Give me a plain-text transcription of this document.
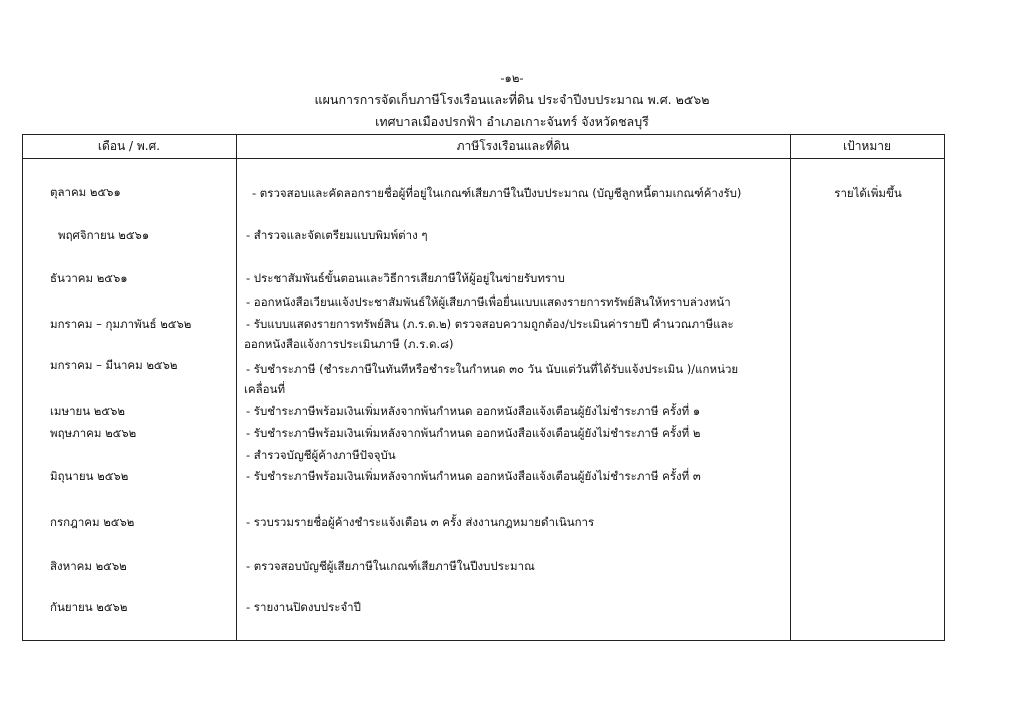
-๑๒-
แผนการการจัดเก็บภาษีโรงเรือนและที่ดิน ประจำปีงบประมาณ พ.ศ. ๒๕๖๒
เทศบาลเมืองปรกฟ้า อำเภอเกาะจันทร์ จังหวัดชลบุรี
เดือน / พ.ศ.	ภาษีโรงเรือนและที่ดิน	เป้าหมาย
ตุลาคม ๒๕๖๑
พฤศจิกายน ๒๕๖๑
ธันวาคม ๒๕๖๑
มกราคม – กุมภาพันธ์ ๒๕๖๒
มกราคม – มีนาคม ๒๕๖๒
เมษายน ๒๕๖๒
พฤษภาคม ๒๕๖๒
มิถุนายน ๒๕๖๒
กรกฎาคม ๒๕๖๒
สิงหาคม ๒๕๖๒
กันยายน ๒๕๖๒
- ตรวจสอบและคัดลอกรายชื่อผู้ที่อยู่ในเกณฑ์เสียภาษีในปีงบประมาณ (บัญชีลูกหนี้ตามเกณฑ์ค้างรับ)
- สำรวจและจัดเตรียมแบบพิมพ์ต่าง ๆ
- ประชาสัมพันธ์ขั้นตอนและวิธีการเสียภาษีให้ผู้อยู่ในข่ายรับทราบ
- ออกหนังสือเวียนแจ้งประชาสัมพันธ์ให้ผู้เสียภาษีเพื่อยื่นแบบแสดงรายการทรัพย์สินให้ทราบล่วงหน้า
- รับแบบแสดงรายการทรัพย์สิน (ภ.ร.ด.๒) ตรวจสอบความถูกต้อง/ประเมินค่ารายปี คำนวณภาษีและ
ออกหนังสือแจ้งการประเมินภาษี (ภ.ร.ด.๘)
- รับชำระภาษี (ชำระภาษีในทันทีหรือชำระในกำหนด ๓๐ วัน นับแต่วันที่ได้รับแจ้งประเมิน )/แกหน่วย
เคลื่อนที่
- รับชำระภาษีพร้อมเงินเพิ่มหลังจากพ้นกำหนด ออกหนังสือแจ้งเตือนผู้ยังไม่ชำระภาษี ครั้งที่ ๑
- รับชำระภาษีพร้อมเงินเพิ่มหลังจากพ้นกำหนด ออกหนังสือแจ้งเตือนผู้ยังไม่ชำระภาษี ครั้งที่ ๒
- สำรวจบัญชีผู้ค้างภาษีปัจจุบัน
- รับชำระภาษีพร้อมเงินเพิ่มหลังจากพ้นกำหนด ออกหนังสือแจ้งเตือนผู้ยังไม่ชำระภาษี ครั้งที่ ๓
- รวบรวมรายชื่อผู้ค้างชำระแจ้งเตือน ๓ ครั้ง ส่งงานกฎหมายดำเนินการ
- ตรวจสอบบัญชีผู้เสียภาษีในเกณฑ์เสียภาษีในปีงบประมาณ
- รายงานปิดงบประจำปี
รายได้เพิ่มขึ้น
